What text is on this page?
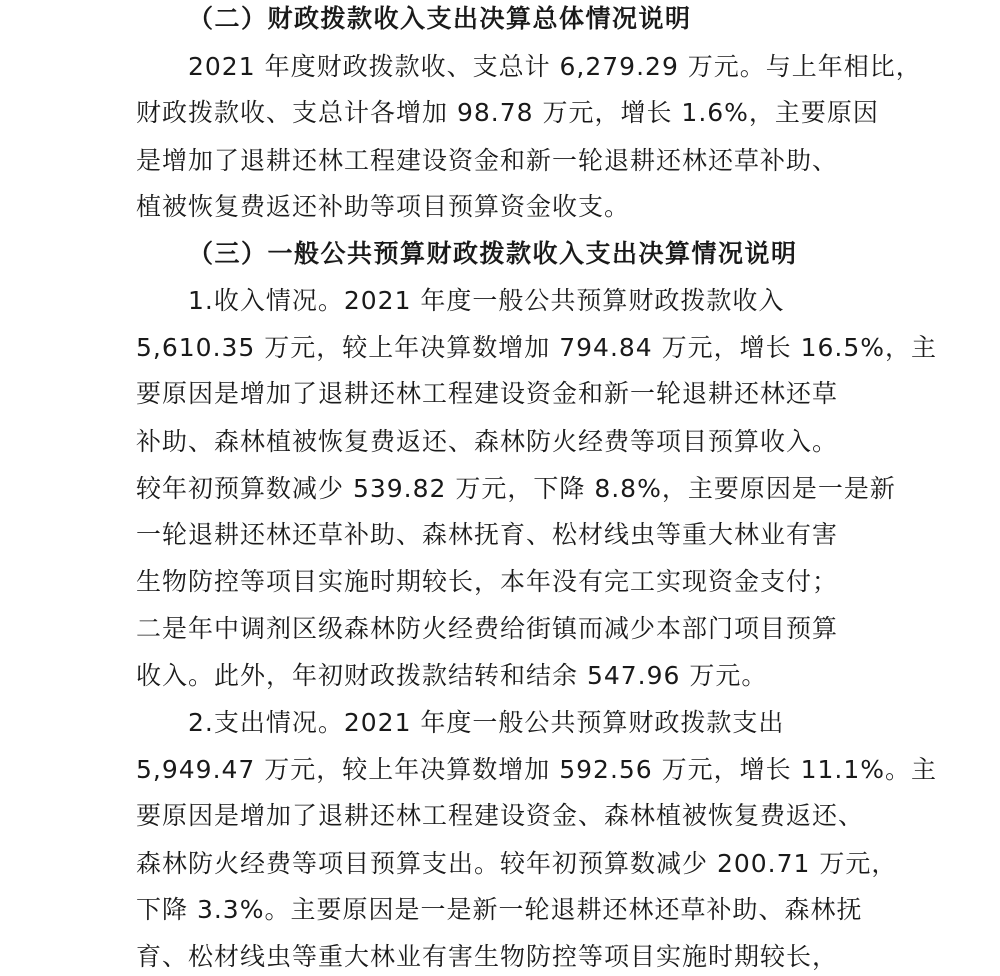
（二）财政拨款收入支出决算总体情况说明
2021 年度财政拨款收、支总计 6,279.29 万元。与上年相比，
财政拨款收、支总计各增加 98.78 万元，增长 1.6%，主要原因
是增加了退耕还林工程建设资金和新一轮退耕还林还草补助、
植被恢复费返还补助等项目预算资金收支。
（三）一般公共预算财政拨款收入支出决算情况说明
1.收入情况。2021 年度一般公共预算财政拨款收入
5,610.35 万元，较上年决算数增加 794.84 万元，增长 16.5%，主
要原因是增加了退耕还林工程建设资金和新一轮退耕还林还草
补助、森林植被恢复费返还、森林防火经费等项目预算收入。
较年初预算数减少 539.82 万元，下降 8.8%，主要原因是一是新
一轮退耕还林还草补助、森林抚育、松材线虫等重大林业有害
生物防控等项目实施时期较长，本年没有完工实现资金支付；
二是年中调剂区级森林防火经费给街镇而减少本部门项目预算
收入。此外，年初财政拨款结转和结余 547.96 万元。
2.支出情况。2021 年度一般公共预算财政拨款支出
5,949.47 万元，较上年决算数增加 592.56 万元，增长 11.1%。主
要原因是增加了退耕还林工程建设资金、森林植被恢复费返还、
森林防火经费等项目预算支出。较年初预算数减少 200.71 万元，
下降 3.3%。主要原因是一是新一轮退耕还林还草补助、森林抚
育、松材线虫等重大林业有害生物防控等项目实施时期较长，
